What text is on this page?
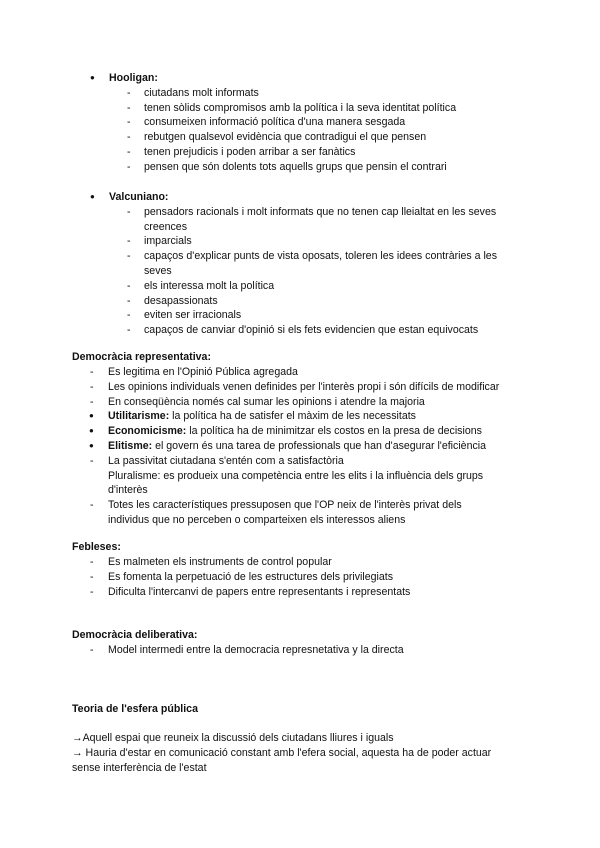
● Hooligan:
- ciutadans molt informats
- tenen sòlids compromisos amb la política i la seva identitat política
- consumeixen informació política d'una manera sesgada
- rebutgen qualsevol evidència que contradigui el que pensen
- tenen prejudicis i poden arribar a ser fanàtics
- pensen que són dolents tots aquells grups que pensin el contrari
● Valcuniano:
- pensadors racionals i molt informats que no tenen cap lleialtat en les seves
creences
- imparcials
- capaços d'explicar punts de vista oposats, toleren les idees contràries a les
seves
- els interessa molt la política
- desapassionats
- eviten ser irracionals
- capaços de canviar d'opinió si els fets evidencien que estan equivocats
Democràcia representativa:
- Es legitima en l'Opinió Pública agregada
- Les opinions individuals venen definides per l'interès propi i són difícils de modificar
- En conseqüència només cal sumar les opinions i atendre la majoria
● Utilitarisme: la política ha de satisfer el màxim de les necessitats
● Economicisme: la política ha de minimitzar els costos en la presa de decisions
● Elitisme: el govern és una tarea de professionals que han d'asegurar l'eficiència
- La passivitat ciutadana s'entén com a satisfactòria
Pluralisme: es produeix una competència entre les elits i la influència dels grups
d'interès
- Totes les característiques pressuposen que l'OP neix de l'interès privat dels
individus que no perceben o comparteixen els interessos aliens
Febleses:
- Es malmeten els instruments de control popular
- Es fomenta la perpetuació de les estructures dels privilegiats
- Dificulta l'intercanvi de papers entre representants i representats
Democràcia deliberativa:
- Model intermedi entre la democracia represnetativa y la directa
Teoria de l'esfera pública
→Aquell espai que reuneix la discussió dels ciutadans lliures i iguals
→ Hauria d'estar en comunicació constant amb l'efera social, aquesta ha de poder actuar
sense interferència de l'estat
